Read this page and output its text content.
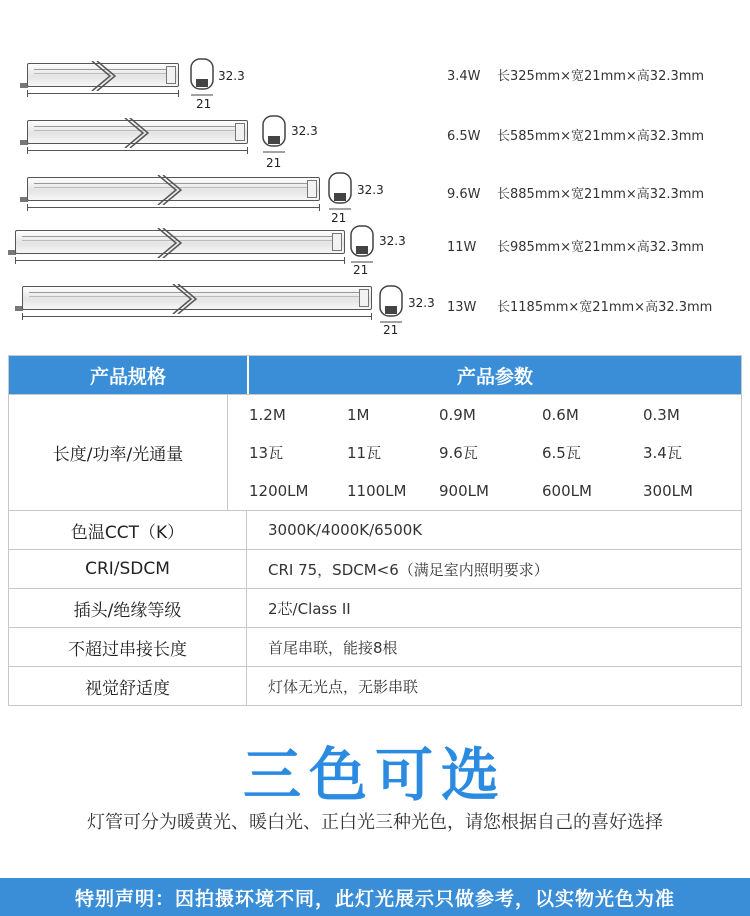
32.3
21
3.4W 长325mm×宽21mm×高32.3mm
32.3
21
6.5W 长585mm×宽21mm×高32.3mm
32.3
21
9.6W 长885mm×宽21mm×高32.3mm
32.3
21
11W 长985mm×宽21mm×高32.3mm
32.3
21
13W 长1185mm×宽21mm×高32.3mm
产品规格	产品参数
长度/功率/光通量
1.2M	1M	0.9M	0.6M	0.3M
13瓦	11瓦	9.6瓦	6.5瓦	3.4瓦
1200LM	1100LM	900LM	600LM	300LM
色温CCT（K）	3000K/4000K/6500K
CRI/SDCM	CRI 75，SDCM<6（满足室内照明要求）
插头/绝缘等级	2芯/Class II
不超过串接长度	首尾串联，能接8根
视觉舒适度	灯体无光点，无影串联
三色可选
灯管可分为暖黄光、暖白光、正白光三种光色，请您根据自己的喜好选择
特别声明：因拍摄环境不同，此灯光展示只做参考，以实物光色为准
